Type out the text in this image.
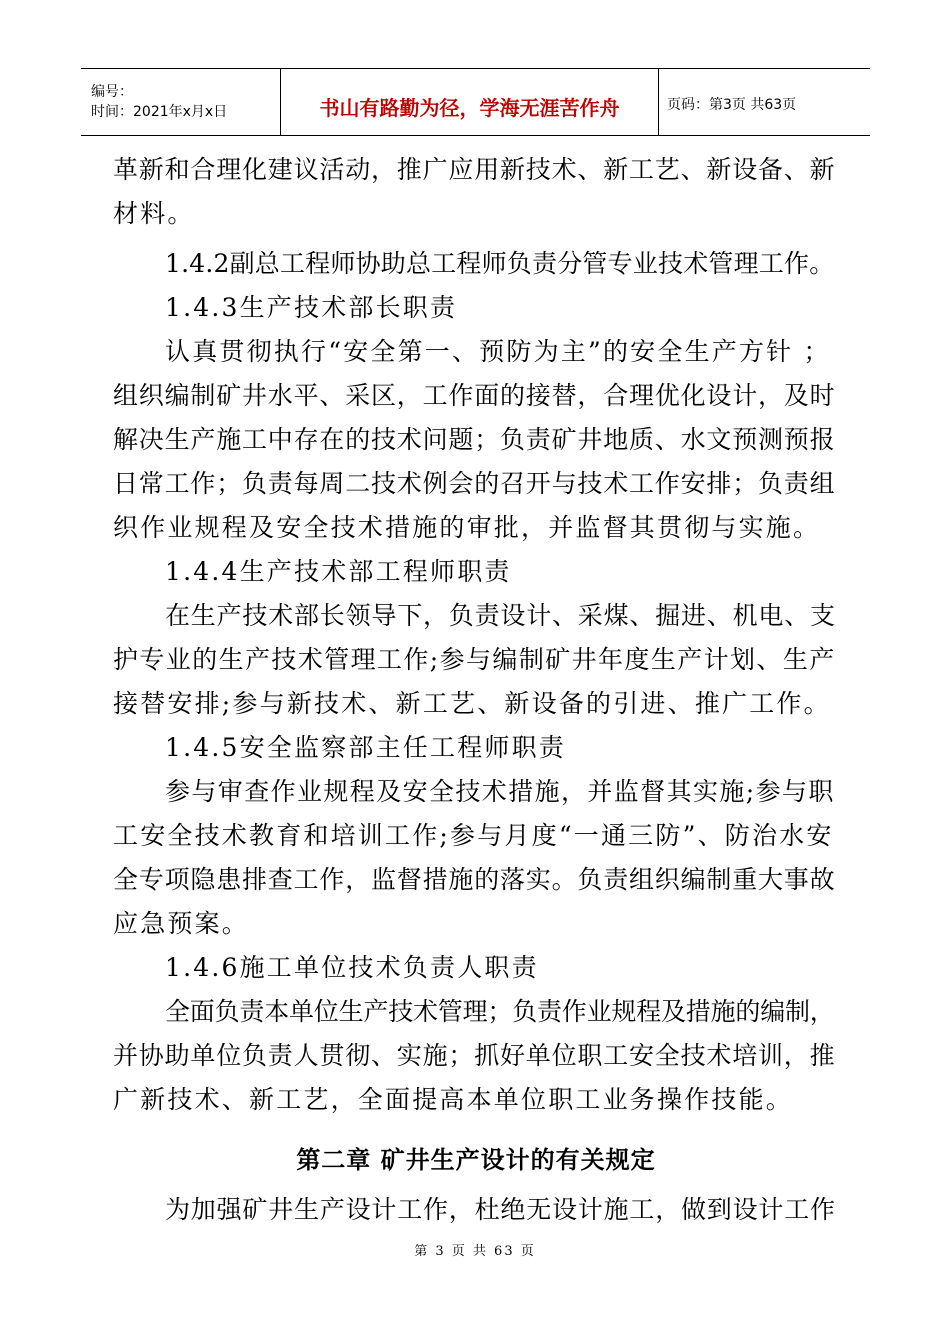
编号：
时间：2021年x月x日	书山有路勤为径，学海无涯苦作舟	页码：第3页 共63页
革新和合理化建议活动，推广应用新技术、新工艺、新设备、新
材料。
1.4.2副总工程师协助总工程师负责分管专业技术管理工作。
1.4.3生产技术部长职责
认真贯彻执行“安全第一、预防为主”的安全生产方针 ；
组织编制矿井水平、采区，工作面的接替，合理优化设计，及时
解决生产施工中存在的技术问题；负责矿井地质、水文预测预报
日常工作；负责每周二技术例会的召开与技术工作安排；负责组
织作业规程及安全技术措施的审批，并监督其贯彻与实施。
1.4.4生产技术部工程师职责
在生产技术部长领导下，负责设计、采煤、掘进、机电、支
护专业的生产技术管理工作;参与编制矿井年度生产计划、生产
接替安排;参与新技术、新工艺、新设备的引进、推广工作。
1.4.5安全监察部主任工程师职责
参与审查作业规程及安全技术措施，并监督其实施;参与职
工安全技术教育和培训工作;参与月度“一通三防”、防治水安
全专项隐患排查工作，监督措施的落实。负责组织编制重大事故
应急预案。
1.4.6施工单位技术负责人职责
全面负责本单位生产技术管理；负责作业规程及措施的编制，
并协助单位负责人贯彻、实施；抓好单位职工安全技术培训，推
广新技术、新工艺，全面提高本单位职工业务操作技能。
第二章 矿井生产设计的有关规定
为加强矿井生产设计工作，杜绝无设计施工，做到设计工作
第 3 页 共 63 页
